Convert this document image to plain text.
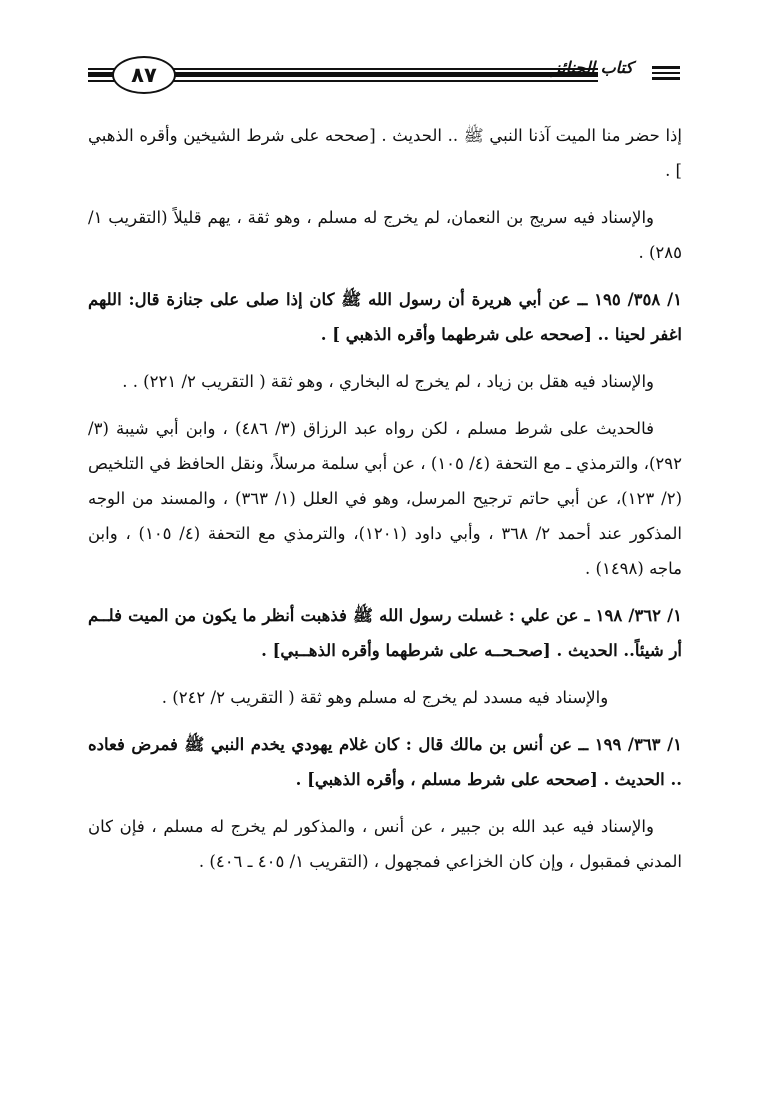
٨٧	كتاب الجنائز

إذا حضر منا الميت آذنا النبي ﷺ .. الحديث . [صححه على شرط الشيخين وأقره الذهبي ] .

والإسناد فيه سريج بن النعمان، لم يخرج له مسلم ، وهو ثقة ، يهم قليلاً (التقريب ١/ ٢٨٥) .

١/ ٣٥٨/ ١٩٥ ــ عن أبي هريرة أن رسول الله ﷺ كان إذا صلى على جنازة قال: اللهم اغفر لحينا .. [صححه على شرطهما وأقره الذهبي ] .

والإسناد فيه هقل بن زياد ، لم يخرج له البخاري ، وهو ثقة ( التقريب ٢/ ٢٢١) . .

فالحديث على شرط مسلم ، لكن رواه عبد الرزاق (٣/ ٤٨٦) ، وابن أبي شيبة (٣/ ٢٩٢)، والترمذي ـ مع التحفة (٤/ ١٠٥) ، عن أبي سلمة مرسلاً، ونقل الحافظ في التلخيص (٢/ ١٢٣)، عن أبي حاتم ترجيح المرسل، وهو في العلل (١/ ٣٦٣) ، والمسند من الوجه المذكور عند أحمد ٢/ ٣٦٨ ، وأبي داود (١٢٠١)، والترمذي مع التحفة (٤/ ١٠٥) ، وابن ماجه (١٤٩٨) .

١/ ٣٦٢/ ١٩٨ ـ عن علي : غسلت رسول الله ﷺ فذهبت أنظر ما يكون من الميت فلــم أر شيئاً.. الحديث . [صحـحــه على شرطهما وأقره الذهــبي] .

والإسناد فيه مسدد لم يخرج له مسلم وهو ثقة ( التقريب ٢/ ٢٤٢) .

١/ ٣٦٣/ ١٩٩ ــ عن أنس بن مالك قال : كان غلام يهودي يخدم النبي ﷺ فمرض فعاده .. الحديث . [صححه على شرط مسلم ، وأقره الذهبي] .

والإسناد فيه عبد الله بن جبير ، عن أنس ، والمذكور لم يخرج له مسلم ، فإن كان المدني فمقبول ، وإن كان الخزاعي فمجهول ، (التقريب ١/ ٤٠٥ ـ ٤٠٦) .
